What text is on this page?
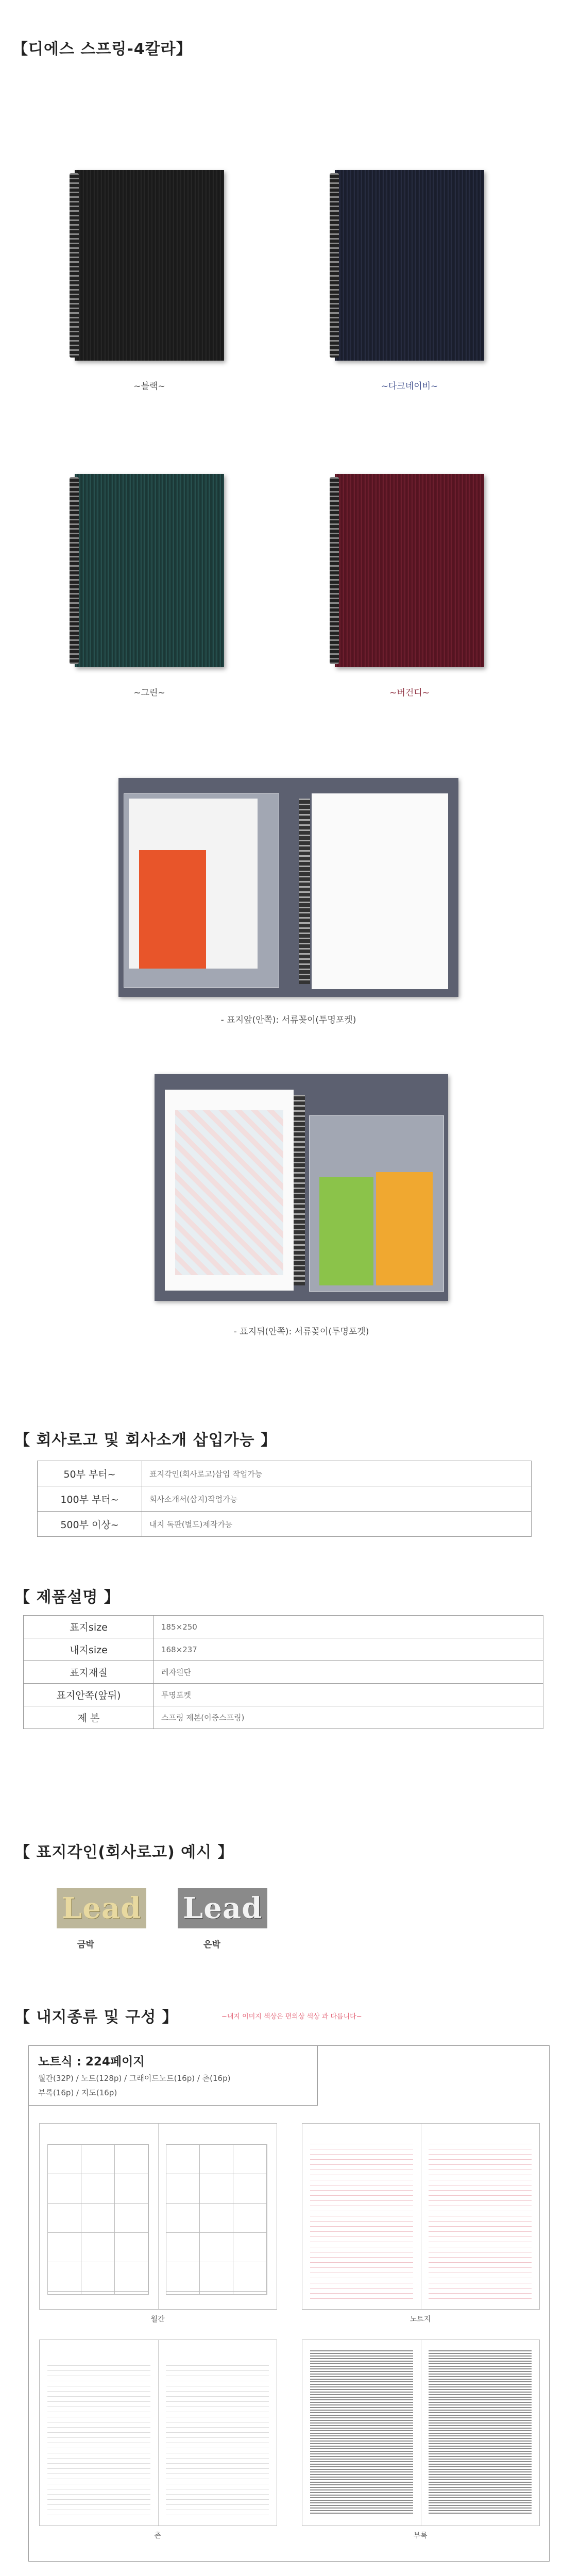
【디에스 스프링-4칼라】
~블랙~	~다크네이비~
~그린~	~버건디~
- 표지앞(안쪽): 서류꽂이(투명포켓)
- 표지뒤(안쪽): 서류꽂이(투명포켓)
【 회사로고 및 회사소개 삽입가능 】
50부 부터~	표지각인(회사로고)삽입 작업가능
100부 부터~	회사소개서(삽지)작업가능
500부 이상~	내지 독판(별도)제작가능
【 제품설명 】
표지size	185×250
내지size	168×237
표지재질	레자원단
표지안쪽(앞뒤)	투명포켓
제 본	스프링 제본(이중스프링)
【 표지각인(회사로고) 예시 】
Lead
금박
Lead
은박
【 내지종류 및 구성 】	~내지 이미지 색상은 편의상 색상 과 다릅니다~
노트식 : 224페이지
월간(32P) / 노트(128p) / 그래이드노트(16p) / 촌(16p)
부록(16p) / 지도(16p)
월간	노트지
촌	부록
